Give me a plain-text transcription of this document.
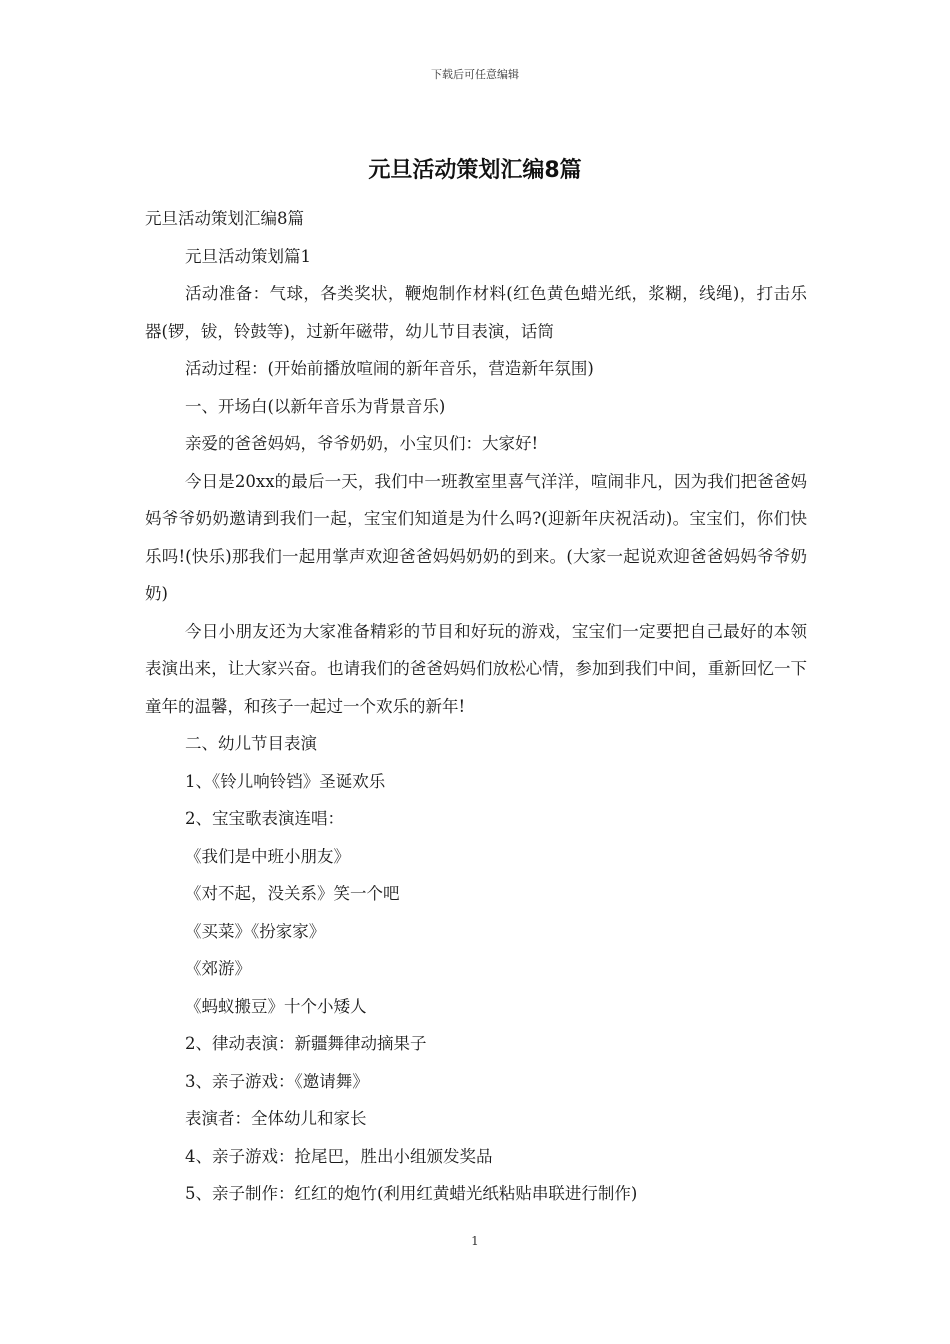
下载后可任意编辑
元旦活动策划汇编8篇

元旦活动策划汇编8篇

元旦活动策划篇1

活动准备：气球，各类奖状，鞭炮制作材料(红色黄色蜡光纸，浆糊，线绳)，打击乐器(锣，钹，铃鼓等)，过新年磁带，幼儿节目表演，话筒

活动过程：(开始前播放喧闹的新年音乐，营造新年氛围)

一、开场白(以新年音乐为背景音乐)

亲爱的爸爸妈妈，爷爷奶奶，小宝贝们：大家好!

今日是20xx的最后一天，我们中一班教室里喜气洋洋，喧闹非凡，因为我们把爸爸妈妈爷爷奶奶邀请到我们一起，宝宝们知道是为什么吗?(迎新年庆祝活动)。宝宝们，你们快乐吗!(快乐)那我们一起用掌声欢迎爸爸妈妈奶奶的到来。(大家一起说欢迎爸爸妈妈爷爷奶奶)

今日小朋友还为大家准备精彩的节目和好玩的游戏，宝宝们一定要把自己最好的本领表演出来，让大家兴奋。也请我们的爸爸妈妈们放松心情，参加到我们中间，重新回忆一下童年的温馨，和孩子一起过一个欢乐的新年!

二、幼儿节目表演

1、《铃儿响铃铛》圣诞欢乐

2、宝宝歌表演连唱：

《我们是中班小朋友》

《对不起，没关系》笑一个吧

《买菜》《扮家家》

《郊游》

《蚂蚁搬豆》十个小矮人

2、律动表演：新疆舞律动摘果子

3、亲子游戏：《邀请舞》

表演者：全体幼儿和家长

4、亲子游戏：抢尾巴，胜出小组颁发奖品

5、亲子制作：红红的炮竹(利用红黄蜡光纸粘贴串联进行制作)

1
